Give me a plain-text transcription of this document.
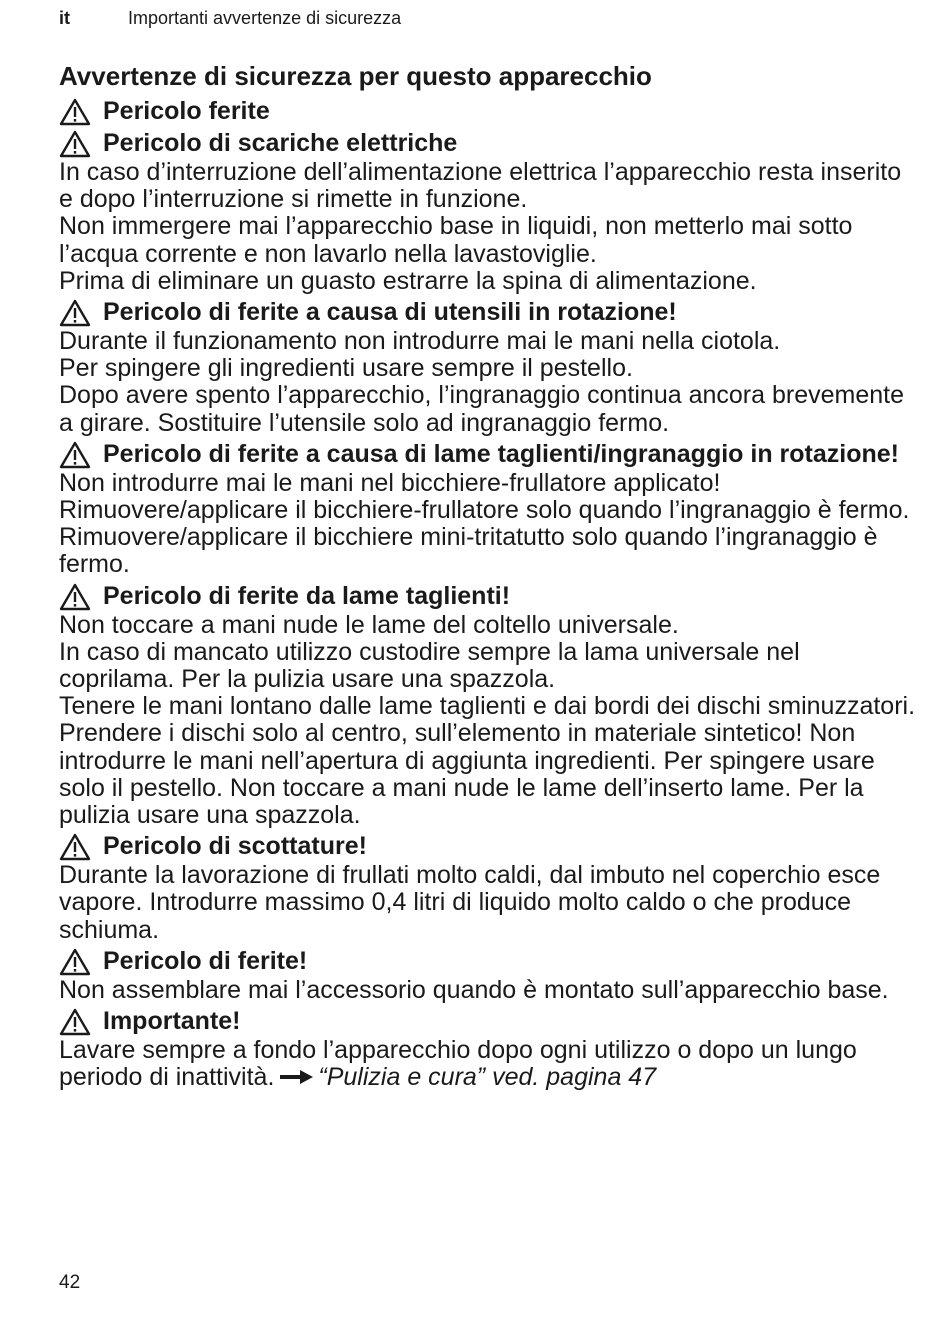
it	Importanti avvertenze di sicurezza
Avvertenze di sicurezza per questo apparecchio
Pericolo ferite
Pericolo di scariche elettriche

In caso d’interruzione dell’alimentazione elettrica l’apparecchio resta inserito e dopo l’interruzione si rimette in funzione.

Non immergere mai l’apparecchio base in liquidi, non metterlo mai sotto l’acqua corrente e non lavarlo nella lavastoviglie.

Prima di eliminare un guasto estrarre la spina di alimentazione.

Pericolo di ferite a causa di utensili in rotazione!

Durante il funzionamento non introdurre mai le mani nella ciotola.

Per spingere gli ingredienti usare sempre il pestello.

Dopo avere spento l’apparecchio, l’ingranaggio continua ancora brevemente a girare. Sostituire l’utensile solo ad ingranaggio fermo.

Pericolo di ferite a causa di lame taglienti/ingranaggio in rotazione!

Non introdurre mai le mani nel bicchiere-frullatore applicato!

Rimuovere/applicare il bicchiere-frullatore solo quando l’ingranaggio è fermo. Rimuovere/applicare il bicchiere mini-tritatutto solo quando l’ingranaggio è fermo.

Pericolo di ferite da lame taglienti!

Non toccare a mani nude le lame del coltello universale.

In caso di mancato utilizzo custodire sempre la lama universale nel coprilama. Per la pulizia usare una spazzola.

Tenere le mani lontano dalle lame taglienti e dai bordi dei dischi sminuzzatori. Prendere i dischi solo al centro, sull’elemento in materiale sintetico! Non introdurre le mani nell’apertura di aggiunta ingredienti. Per spingere usare solo il pestello. Non toccare a mani nude le lame dell’inserto lame. Per la pulizia usare una spazzola.

Pericolo di scottature!

Durante la lavorazione di frullati molto caldi, dal imbuto nel coperchio esce vapore. Introdurre massimo 0,4 litri di liquido molto caldo o che produce schiuma.

Pericolo di ferite!

Non assemblare mai l’accessorio quando è montato sull’apparecchio base.

Importante!

Lavare sempre a fondo l’apparecchio dopo ogni utilizzo o dopo un lungo periodo di inattività. “Pulizia e cura” ved. pagina 47

42
